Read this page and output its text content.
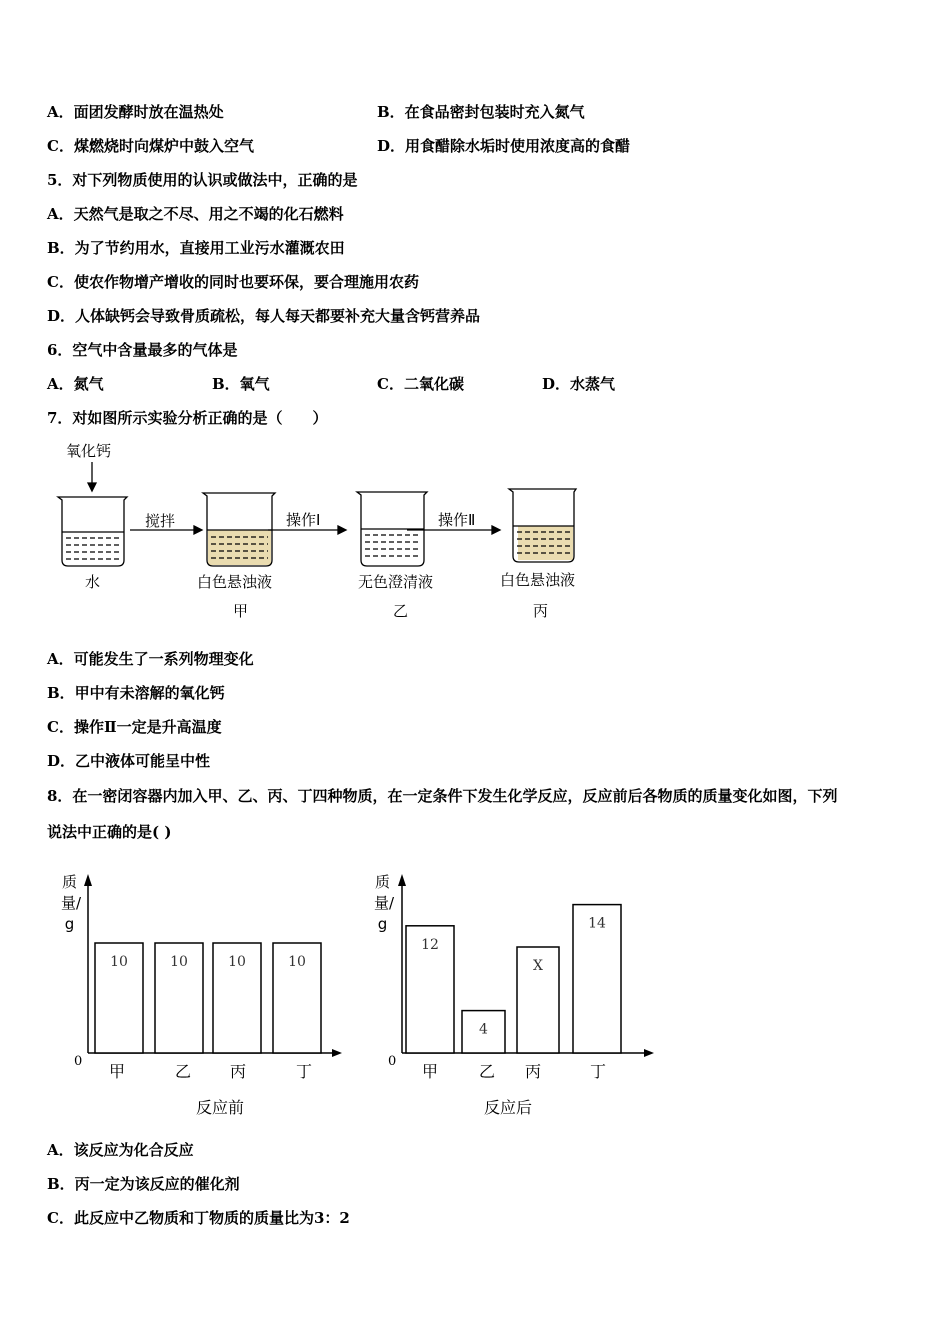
A．面团发酵时放在温热处	B．在食品密封包装时充入氮气
C．煤燃烧时向煤炉中鼓入空气	D．用食醋除水垢时使用浓度高的食醋
5．对下列物质使用的认识或做法中，正确的是
A．天然气是取之不尽、用之不竭的化石燃料
B．为了节约用水，直接用工业污水灌溉农田
C．使农作物增产增收的同时也要环保，要合理施用农药
D．人体缺钙会导致骨质疏松，每人每天都要补充大量含钙营养品
6．空气中含量最多的气体是
A．氮气	B．氧气	C．二氧化碳	D．水蒸气
7．对如图所示实验分析正确的是（　　）
氧化钙
水
搅拌	操作Ⅰ	操作Ⅱ
白色悬浊液
甲
无色澄清液
乙
白色悬浊液
丙
A．可能发生了一系列物理变化
B．甲中有未溶解的氧化钙
C．操作Ⅱ一定是升高温度
D．乙中液体可能呈中性
8．在一密闭容器内加入甲、乙、丙、丁四种物质，在一定条件下发生化学反应，反应前后各物质的质量变化如图，下列
说法中正确的是( )
0
10
甲
10
乙
10
丙
10
丁
反应前
0
12
甲
4
乙
X
丙
14
丁
反应后
质量/g
质量/g
A．该反应为化合反应
B．丙一定为该反应的催化剂
C．此反应中乙物质和丁物质的质量比为3：2
